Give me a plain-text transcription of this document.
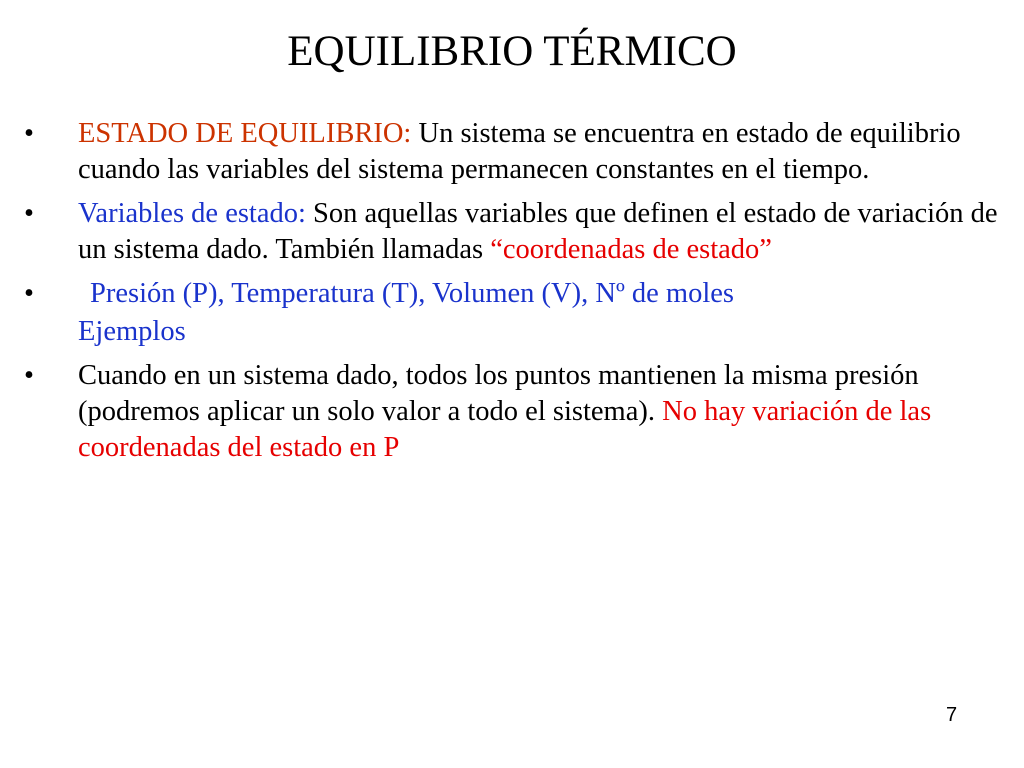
EQUILIBRIO TÉRMICO
•	ESTADO DE EQUILIBRIO: Un sistema se encuentra en estado de equilibrio cuando las variables del sistema permanecen constantes en el tiempo.
•	Variables de estado: Son aquellas variables que definen el estado de variación de un sistema dado. También llamadas “coordenadas de estado”
•	Presión (P), Temperatura (T), Volumen (V), Nº de moles
Ejemplos
•	Cuando en un sistema dado, todos los puntos mantienen la misma presión (podremos aplicar un solo valor a todo el sistema). No hay variación de las coordenadas del estado en P
7
